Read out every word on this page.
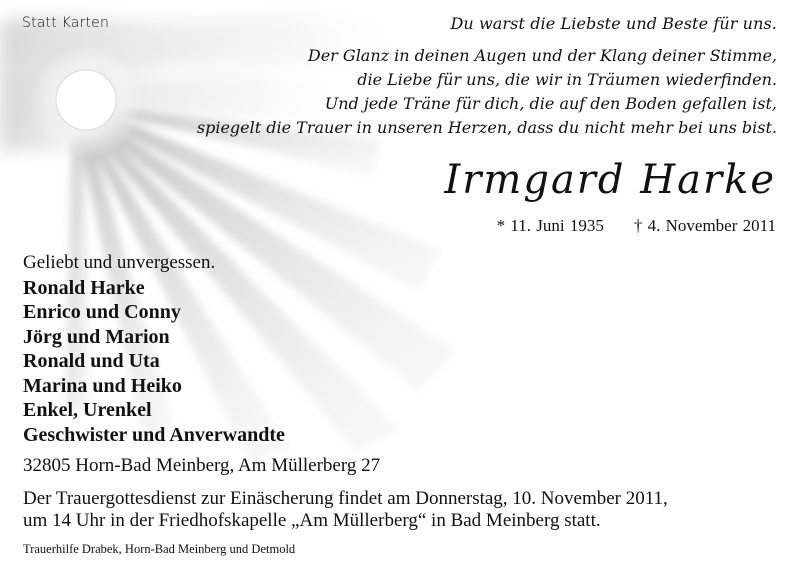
Statt Karten	Du warst die Liebste und Beste für uns.
Der Glanz in deinen Augen und der Klang deiner Stimme,
die Liebe für uns, die wir in Träumen wiederfinden.
Und jede Träne für dich, die auf den Boden gefallen ist,
spiegelt die Trauer in unseren Herzen, dass du nicht mehr bei uns bist.
Irmgard Harke
* 11. Juni 1935 † 4. November 2011
Geliebt und unvergessen.
Ronald Harke
Enrico und Conny
Jörg und Marion
Ronald und Uta
Marina und Heiko
Enkel, Urenkel
Geschwister und Anverwandte
32805 Horn-Bad Meinberg, Am Müllerberg 27
Der Trauergottesdienst zur Einäscherung findet am Donnerstag, 10. November 2011,
um 14 Uhr in der Friedhofskapelle „Am Müllerberg“ in Bad Meinberg statt.
Trauerhilfe Drabek, Horn-Bad Meinberg und Detmold
